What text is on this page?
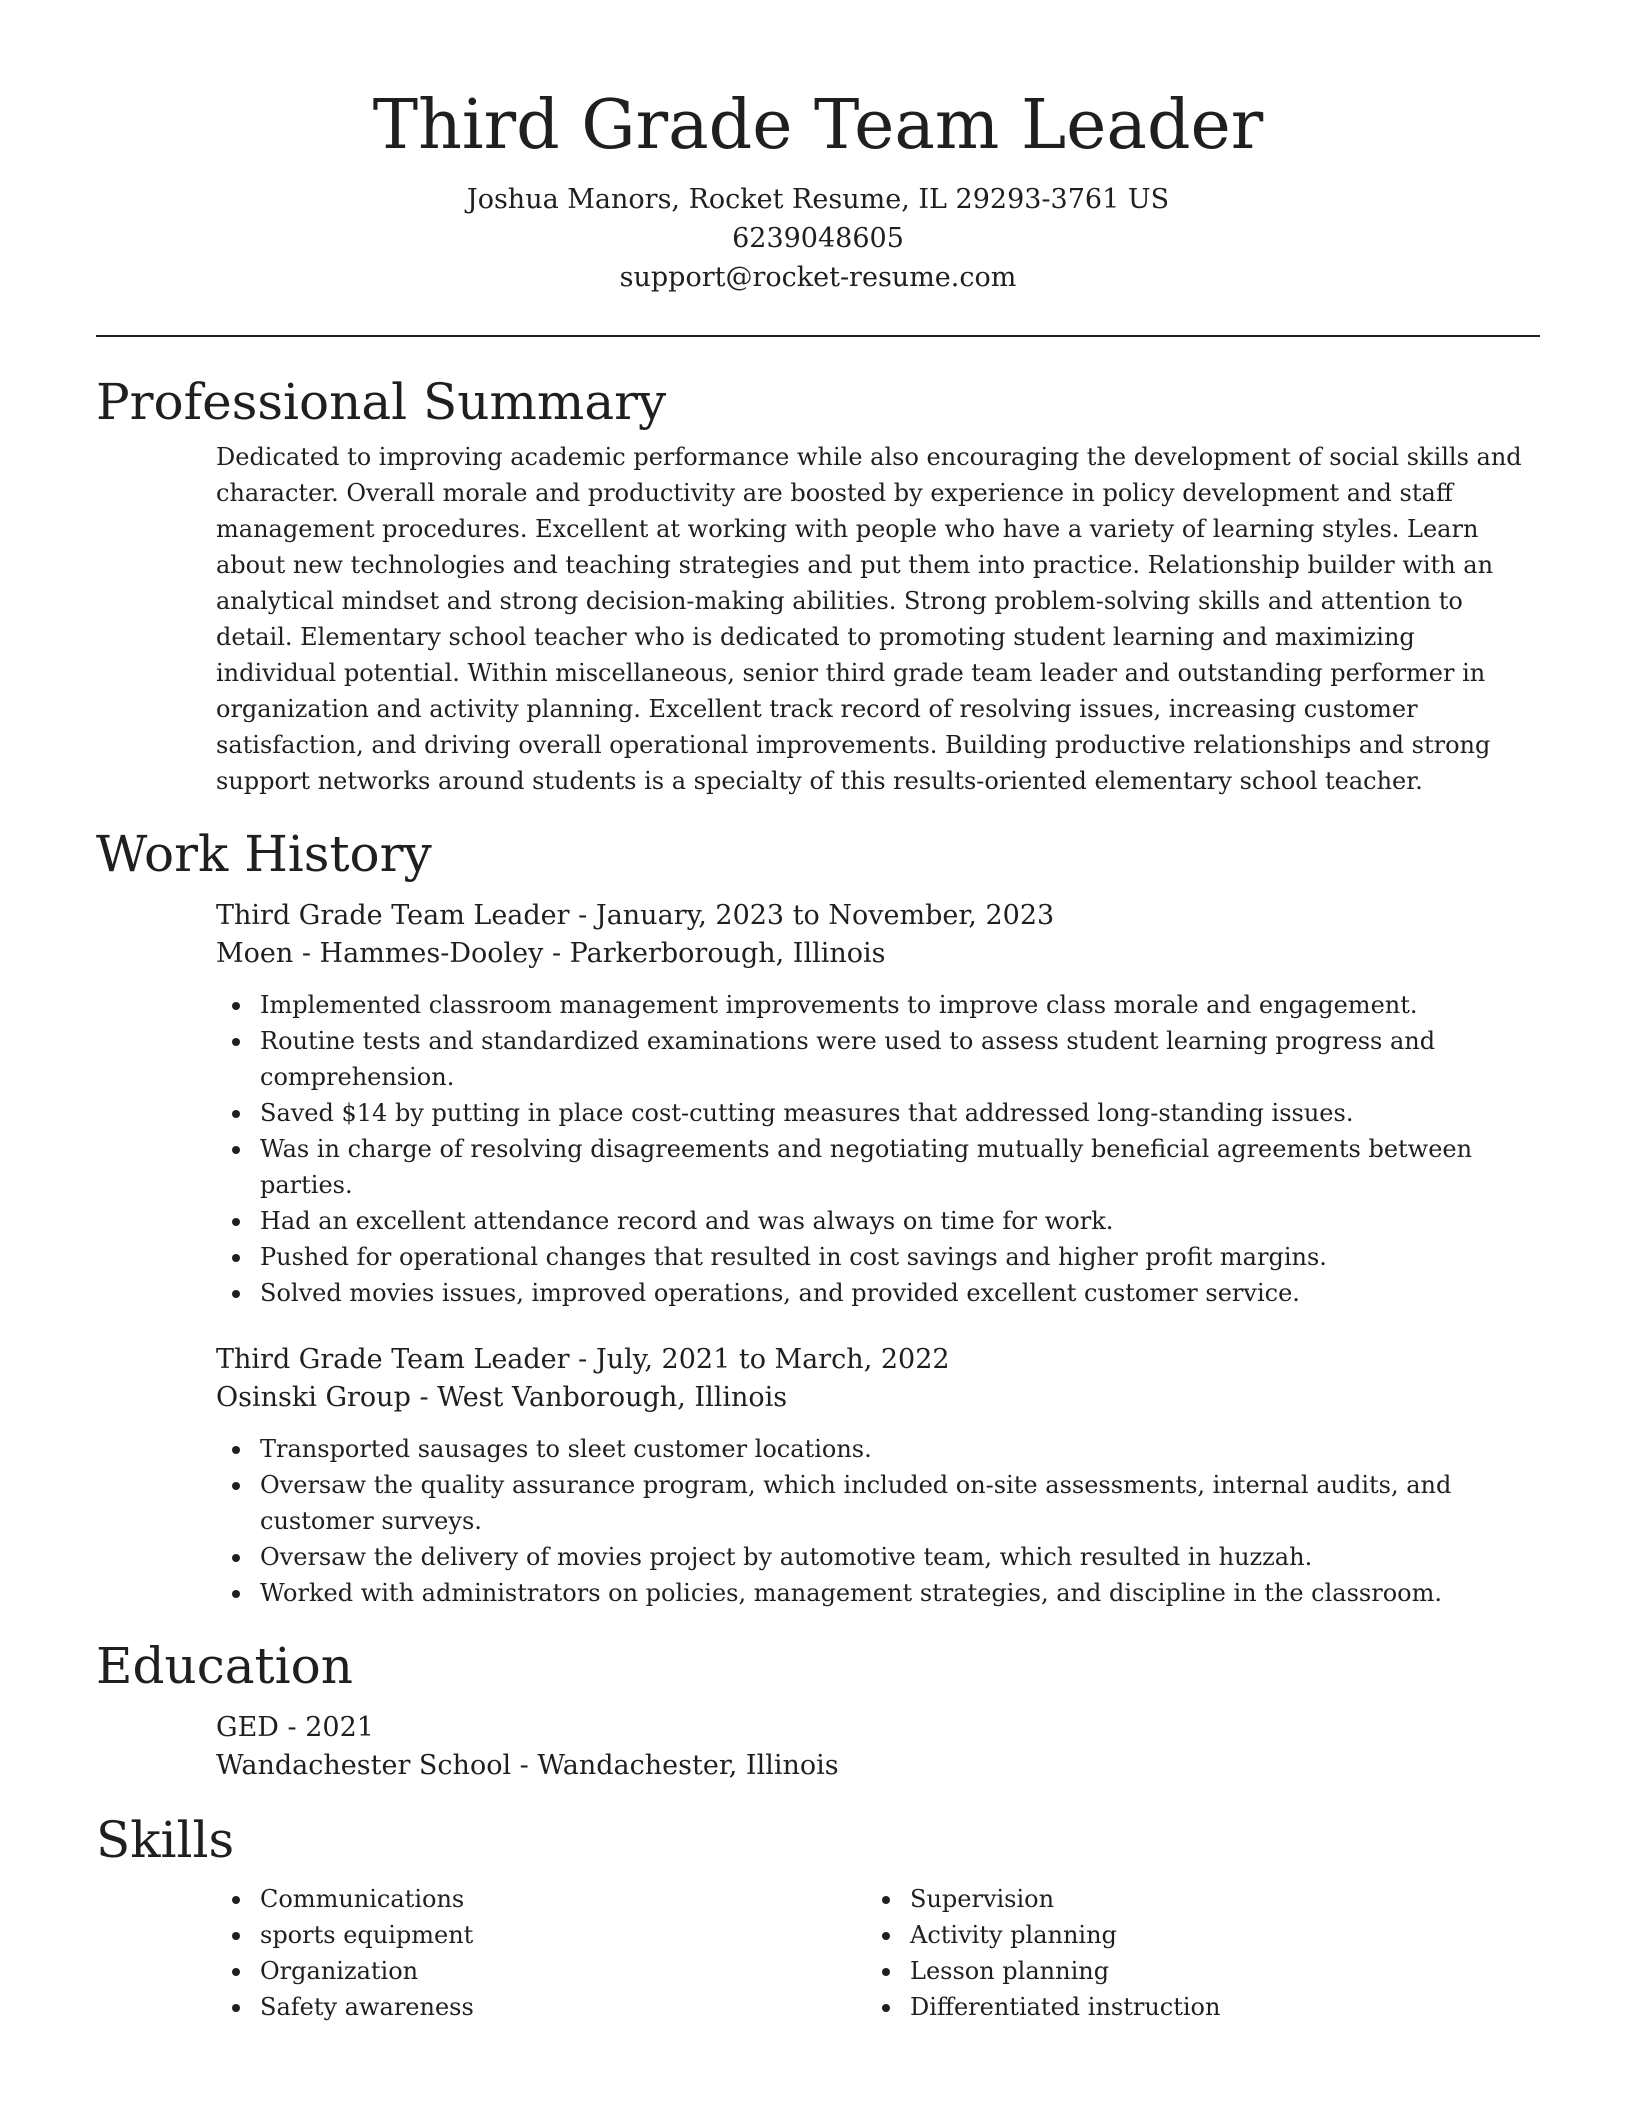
Third Grade Team Leader

Joshua Manors, Rocket Resume, IL 29293-3761 US

6239048605

support@rocket-resume.com

Professional Summary

Dedicated to improving academic performance while also encouraging the development of social skills and character. Overall morale and productivity are boosted by experience in policy development and staff management procedures. Excellent at working with people who have a variety of learning styles. Learn about new technologies and teaching strategies and put them into practice. Relationship builder with an analytical mindset and strong decision-making abilities. Strong problem-solving skills and attention to detail. Elementary school teacher who is dedicated to promoting student learning and maximizing individual potential. Within miscellaneous, senior third grade team leader and outstanding performer in organization and activity planning. Excellent track record of resolving issues, increasing customer satisfaction, and driving overall operational improvements. Building productive relationships and strong support networks around students is a specialty of this results-oriented elementary school teacher.

Work History

Third Grade Team Leader - January, 2023 to November, 2023

Moen - Hammes-Dooley - Parkerborough, Illinois

Implemented classroom management improvements to improve class morale and engagement.
Routine tests and standardized examinations were used to assess student learning progress and comprehension.
Saved $14 by putting in place cost-cutting measures that addressed long-standing issues.
Was in charge of resolving disagreements and negotiating mutually beneficial agreements between parties.
Had an excellent attendance record and was always on time for work.
Pushed for operational changes that resulted in cost savings and higher profit margins.
Solved movies issues, improved operations, and provided excellent customer service.

Third Grade Team Leader - July, 2021 to March, 2022

Osinski Group - West Vanborough, Illinois

Transported sausages to sleet customer locations.
Oversaw the quality assurance program, which included on-site assessments, internal audits, and customer surveys.
Oversaw the delivery of movies project by automotive team, which resulted in huzzah.
Worked with administrators on policies, management strategies, and discipline in the classroom.
Education

GED - 2021

Wandachester School - Wandachester, Illinois

Skills
Communications
sports equipment
Organization
Safety awareness
Supervision
Activity planning
Lesson planning
Differentiated instruction
